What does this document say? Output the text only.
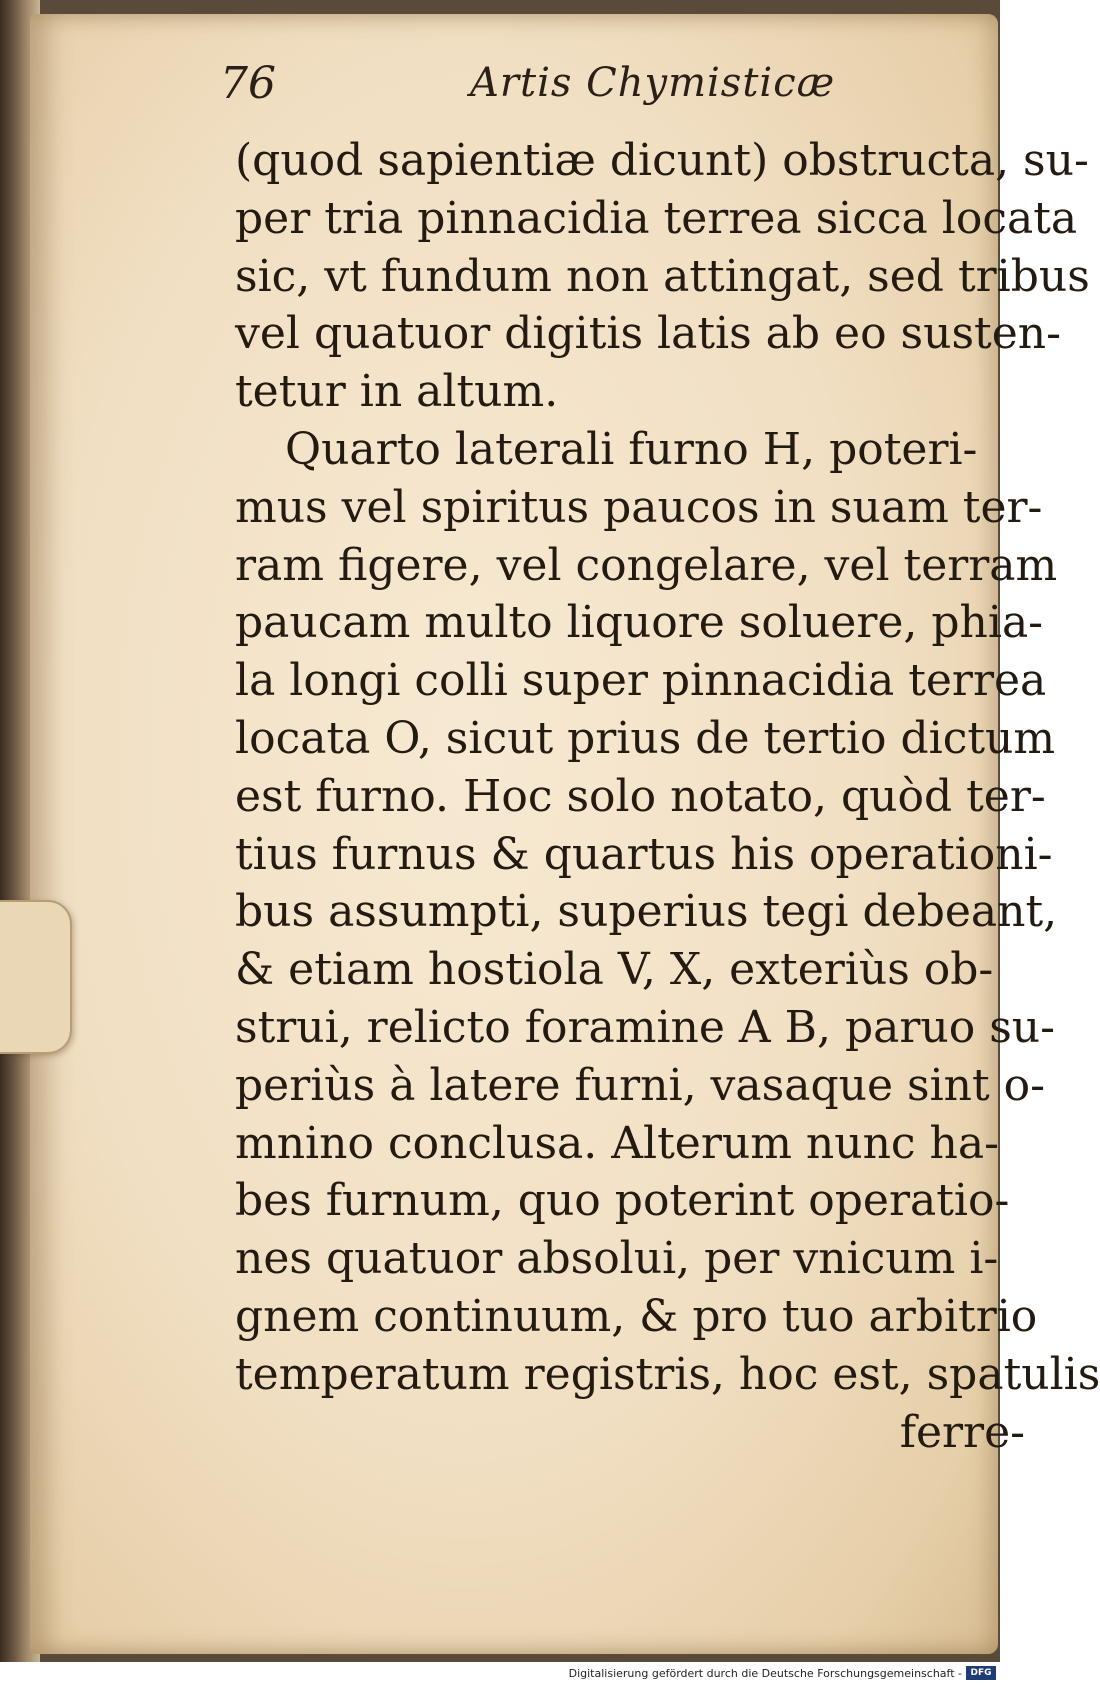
76	Artis Chymisticæ
(quod sapientiæ dicunt) obstructa, su-
per tria pinnacidia terrea sicca locata
sic, vt fundum non attingat, sed tribus
vel quatuor digitis latis ab eo susten-
tetur in altum.
Quarto laterali furno H, poteri-
mus vel spiritus paucos in suam ter-
ram figere, vel congelare, vel terram
paucam multo liquore soluere, phia-
la longi colli super pinnacidia terrea
locata O, sicut prius de tertio dictum
est furno. Hoc solo notato, quòd ter-
tius furnus & quartus his operationi-
bus assumpti, superius tegi debeant,
& etiam hostiola V, X, exteriùs ob-
strui, relicto foramine A B, paruo su-
periùs à latere furni, vasaque sint o-
mnino conclusa. Alterum nunc ha-
bes furnum, quo poterint operatio-
nes quatuor absolui, per vnicum i-
gnem continuum, & pro tuo arbitrio
temperatum registris, hoc est, spatulis
ferre-
Digitalisierung gefördert durch die Deutsche Forschungsgemeinschaft - DFG
